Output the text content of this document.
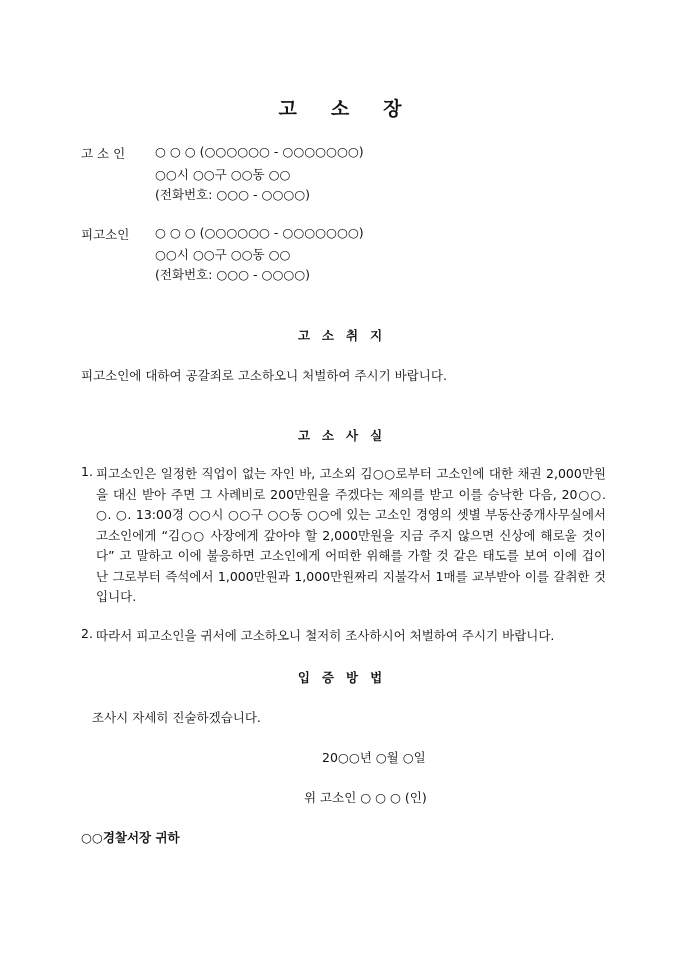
고소장
고 소 인 ○ ○ ○ (○○○○○○ - ○○○○○○○)
○○시 ○○구 ○○동 ○○
(전화번호: ○○○ - ○○○○)
피고소인 ○ ○ ○ (○○○○○○ - ○○○○○○○)
○○시 ○○구 ○○동 ○○
(전화번호: ○○○ - ○○○○)
고소취지
피고소인에 대하여 공갈죄로 고소하오니 처벌하여 주시기 바랍니다.
고소사실
1. 피고소인은 일정한 직업이 없는 자인 바, 고소외 김○○로부터 고소인에 대한 채권 2,000만원을 대신 받아 주면 그 사례비로 200만원을 주겠다는 제의를 받고 이를 승낙한 다음, 20○○. ○. ○. 13:00경 ○○시 ○○구 ○○동 ○○에 있는 고소인 경영의 셋별 부동산중개사무실에서 고소인에게 “김○○ 사장에게 갚아야 할 2,000만원을 지금 주지 않으면 신상에 해로울 것이다” 고 말하고 이에 불응하면 고소인에게 어떠한 위해를 가할 것 같은 태도를 보여 이에 겁이 난 그로부터 즉석에서 1,000만원과 1,000만원짜리 지불각서 1매를 교부받아 이를 갈취한 것입니다.
2. 따라서 피고소인을 귀서에 고소하오니 철저히 조사하시어 처벌하여 주시기 바랍니다.
입증방법
조사시 자세히 진술하겠습니다.
20○○년 ○월 ○일
위 고소인 ○ ○ ○ (인)
○○경찰서장 귀하
